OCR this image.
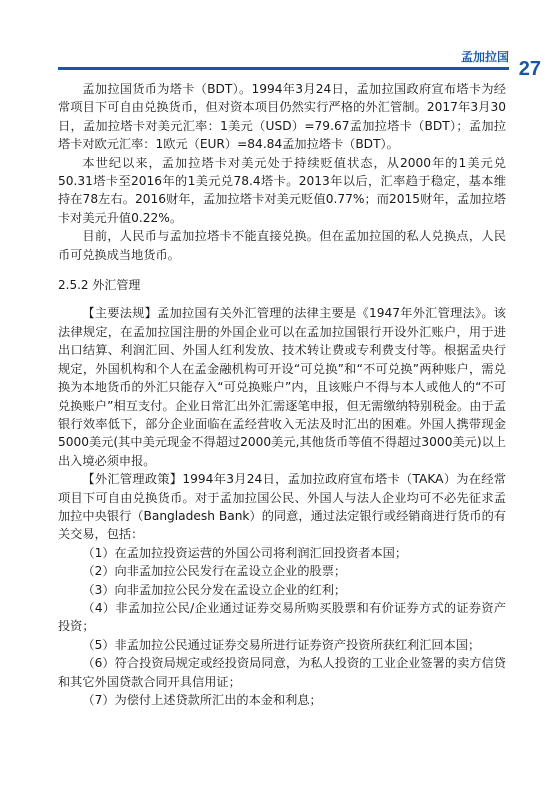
孟加拉国
27

孟加拉国货币为塔卡（BDT）。1994年3月24日，孟加拉国政府宣布塔卡为经常项目下可自由兑换货币，但对资本项目仍然实行严格的外汇管制。2017年3月30日，孟加拉塔卡对美元汇率：1美元（USD）=79.67孟加拉塔卡（BDT）；孟加拉塔卡对欧元汇率：1欧元（EUR）=84.84孟加拉塔卡（BDT）。

本世纪以来，孟加拉塔卡对美元处于持续贬值状态，从2000年的1美元兑50.31塔卡至2016年的1美元兑78.4塔卡。2013年以后，汇率趋于稳定，基本维持在78左右。2016财年，孟加拉塔卡对美元贬值0.77%；而2015财年，孟加拉塔卡对美元升值0.22%。

目前，人民币与孟加拉塔卡不能直接兑换。但在孟加拉国的私人兑换点，人民币可兑换成当地货币。

2.5.2 外汇管理

【主要法规】孟加拉国有关外汇管理的法律主要是《1947年外汇管理法》。该法律规定，在孟加拉国注册的外国企业可以在孟加拉国银行开设外汇账户，用于进出口结算、利润汇回、外国人红利发放、技术转让费或专利费支付等。根据孟央行规定，外国机构和个人在孟金融机构可开设“可兑换”和“不可兑换”两种账户，需兑换为本地货币的外汇只能存入“可兑换账户”内，且该账户不得与本人或他人的“不可兑换账户”相互支付。企业日常汇出外汇需逐笔申报，但无需缴纳特别税金。由于孟银行效率低下，部分企业面临在孟经营收入无法及时汇出的困难。外国人携带现金5000美元(其中美元现金不得超过2000美元,其他货币等值不得超过3000美元)以上出入境必须申报。

【外汇管理政策】1994年3月24日，孟加拉政府宣布塔卡（TAKA）为在经常项目下可自由兑换货币。对于孟加拉国公民、外国人与法人企业均可不必先征求孟加拉中央银行（Bangladesh Bank）的同意，通过法定银行或经销商进行货币的有关交易，包括：

（1）在孟加拉投资运营的外国公司将利润汇回投资者本国；

（2）向非孟加拉公民发行在孟设立企业的股票；

（3）向非孟加拉公民分发在孟设立企业的红利；

（4）非孟加拉公民/企业通过证券交易所购买股票和有价证券方式的证券资产投资；

（5）非孟加拉公民通过证券交易所进行证券资产投资所获红利汇回本国；

（6）符合投资局规定或经投资局同意，为私人投资的工业企业签署的卖方信贷和其它外国贷款合同开具信用证；

（7）为偿付上述贷款所汇出的本金和利息；
